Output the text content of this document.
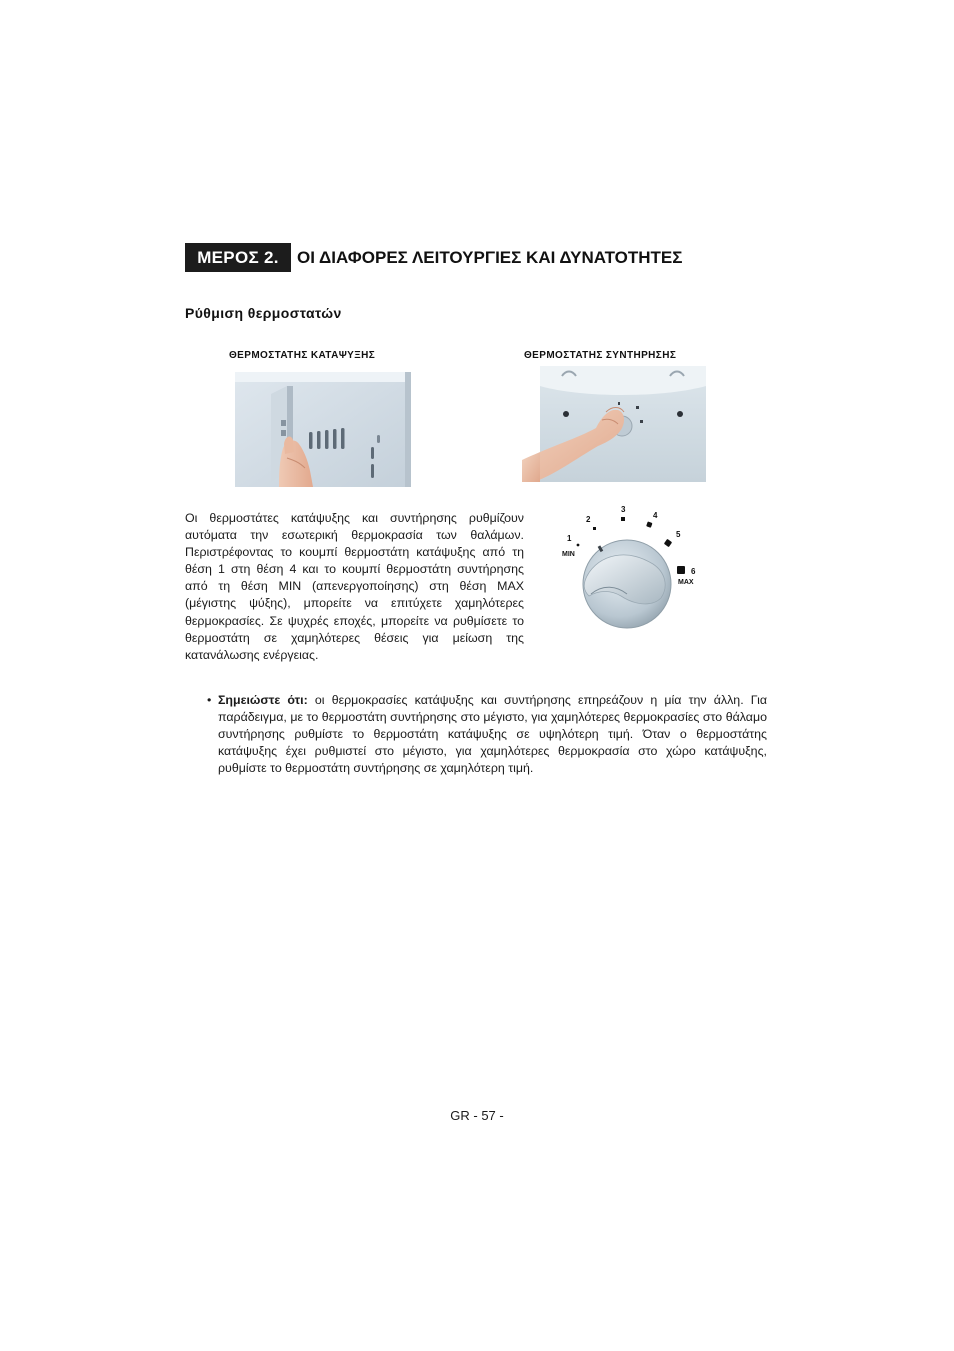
ΜΕΡΟΣ 2.	ΟΙ ΔΙΑΦΟΡΕΣ ΛΕΙΤΟΥΡΓΙΕΣ ΚΑΙ ΔΥΝΑΤΟΤΗΤΕΣ
Ρύθμιση θερμοστατών
ΘΕΡΜΟΣΤΑΤΗΣ ΚΑΤΑΨΥΞΗΣ	ΘΕΡΜΟΣΤΑΤΗΣ ΣΥΝΤΗΡΗΣΗΣ
Οι θερμοστάτες κατάψυξης και συντήρησης ρυθμίζουν αυτόματα την εσωτερική θερμοκρασία των θαλάμων. Περιστρέφοντας το κουμπί θερμοστάτη κατάψυξης από τη θέση 1 στη θέση 4 και το κουμπί θερμοστάτη συντήρησης από τη θέση MIN (απενεργοποίησης) στη θέση MAX (μέγιστης ψύξης), μπορείτε να επιτύχετε χαμηλότερες θερμοκρασίες. Σε ψυχρές εποχές, μπορείτε να ρυθμίσετε το θερμοστάτη σε χαμηλότερες θέσεις για μείωση της κατανάλωσης ενέργειας.
1
2
3
4
5
6
MIN
MAX
• Σημειώστε ότι: οι θερμοκρασίες κατάψυξης και συντήρησης επηρεάζουν η μία την άλλη. Για παράδειγμα, με το θερμοστάτη συντήρησης στο μέγιστο, για χαμηλότερες θερμοκρασίες στο θάλαμο συντήρησης ρυθμίστε το θερμοστάτη κατάψυξης σε υψηλότερη τιμή. Όταν ο θερμοστάτης κατάψυξης έχει ρυθμιστεί στο μέγιστο, για χαμηλότερες θερμοκρασία στο χώρο κατάψυξης, ρυθμίστε το θερμοστάτη συντήρησης σε χαμηλότερη τιμή.
GR - 57 -
